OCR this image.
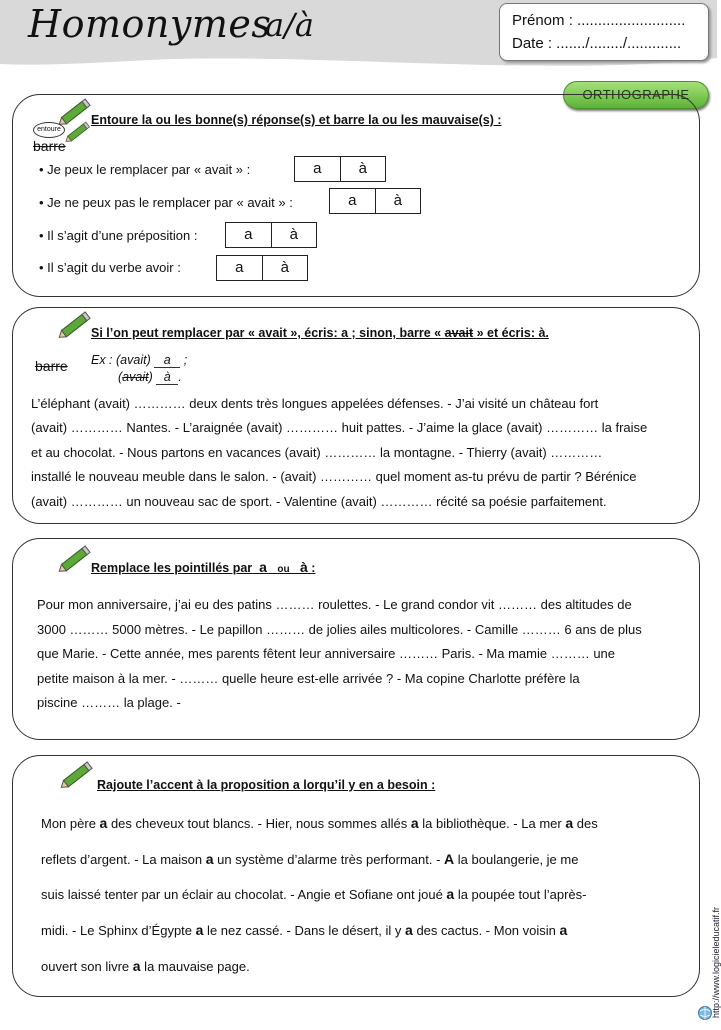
Homonymes
a/à	Prénom : ..........................
Date : ......./......../.............
ORTHOGRAPHE
entoure
barre
Entoure la ou les bonne(s) réponse(s) et barre la ou les mauvaise(s) :
• Je peux le remplacer par « avait » :	a	à
• Je ne peux pas le remplacer par « avait » :	a	à
• Il s’agit d’une préposition :	a	à
• Il s’agit du verbe avoir :	a	à
barre
Si l’on peut remplacer par « avait », écris: a ; sinon, barre « avait » et écris: à.
Ex : (avait) a ;
(avait) à .
L’éléphant (avait) ………… deux dents très longues appelées défenses. - J’ai visité un château fort
(avait) ………… Nantes. - L’araignée (avait) ………… huit pattes. - J’aime la glace (avait) ………… la fraise
et au chocolat. - Nous partons en vacances (avait) ………… la montagne. - Thierry (avait) …………
installé le nouveau meuble dans le salon. - (avait) ………… quel moment as-tu prévu de partir ? Bérénice
(avait) ………… un nouveau sac de sport. - Valentine (avait) ………… récité sa poésie parfaitement.
Remplace les pointillés par a ou à :
Pour mon anniversaire, j’ai eu des patins ……… roulettes. - Le grand condor vit ……… des altitudes de
3000 ……… 5000 mètres. - Le papillon ……… de jolies ailes multicolores. - Camille ……… 6 ans de plus
que Marie. - Cette année, mes parents fêtent leur anniversaire ……… Paris. - Ma mamie ……… une
petite maison à la mer. - ……… quelle heure est-elle arrivée ? - Ma copine Charlotte préfère la
piscine ……… la plage. -
Rajoute l’accent à la proposition a lorqu’il y en a besoin :
Mon père a des cheveux tout blancs. - Hier, nous sommes allés a la bibliothèque. - La mer a des
reflets d’argent. - La maison a un système d’alarme très performant. - A la boulangerie, je me
suis laissé tenter par un éclair au chocolat. - Angie et Sofiane ont joué a la poupée tout l’après-
midi. - Le Sphinx d’Égypte a le nez cassé. - Dans le désert, il y a des cactus. - Mon voisin a
ouvert son livre a la mauvaise page.	http://www.logicieleducatif.fr
